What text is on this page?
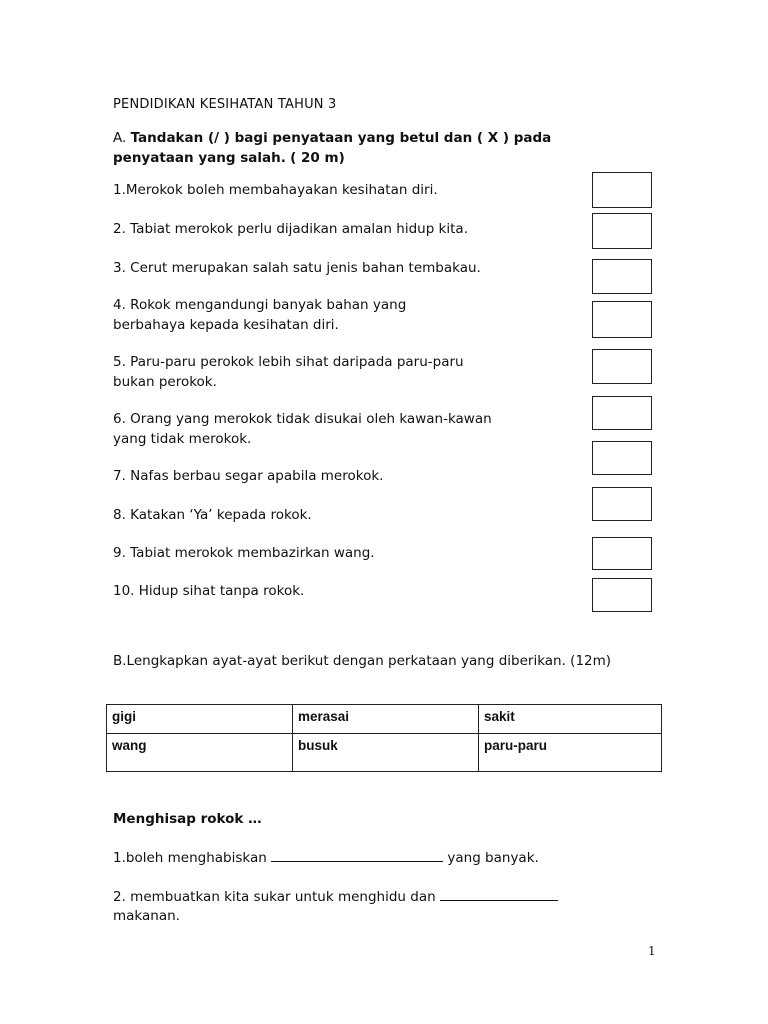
PENDIDIKAN KESIHATAN TAHUN 3
A. Tandakan (/ ) bagi penyataan yang betul dan ( X ) pada
penyataan yang salah. ( 20 m)
1.Merokok boleh membahayakan kesihatan diri.
2. Tabiat merokok perlu dijadikan amalan hidup kita.
3. Cerut merupakan salah satu jenis bahan tembakau.
4. Rokok mengandungi banyak bahan yang
berbahaya kepada kesihatan diri.
5. Paru-paru perokok lebih sihat daripada paru-paru
bukan perokok.
6. Orang yang merokok tidak disukai oleh kawan-kawan
yang tidak merokok.
7. Nafas berbau segar apabila merokok.
8. Katakan ‘Ya’ kepada rokok.
9. Tabiat merokok membazirkan wang.
10. Hidup sihat tanpa rokok.
B.Lengkapkan ayat-ayat berikut dengan perkataan yang diberikan. (12m)
gigi	merasai	sakit
wang	busuk	paru-paru
Menghisap rokok …
1.boleh menghabiskan	yang banyak.
2. membuatkan kita sukar untuk menghidu dan
makanan.
1
